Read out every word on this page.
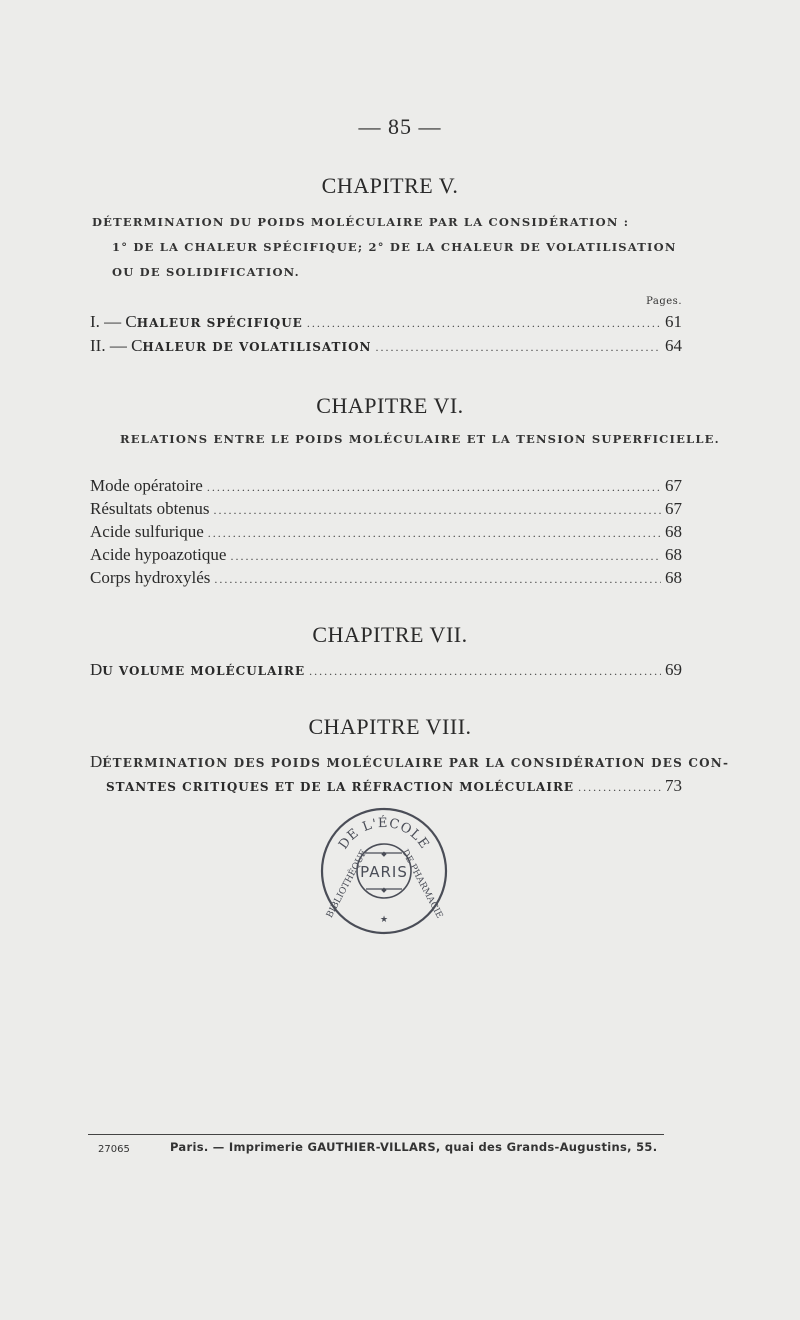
— 85 —
CHAPITRE V.
DÉTERMINATION DU POIDS MOLÉCULAIRE PAR LA CONSIDÉRATION :
1° DE LA CHALEUR SPÉCIFIQUE; 2° DE LA CHALEUR DE VOLATILISATION
OU DE SOLIDIFICATION.
Pages.
I. — CHALEUR SPÉCIFIQUE .....	61
II. — CHALEUR DE VOLATILISATION .....	64
CHAPITRE VI.
RELATIONS ENTRE LE POIDS MOLÉCULAIRE ET LA TENSION SUPERFICIELLE.
Mode opératoire .....	67
Résultats obtenus .....	67
Acide sulfurique .....	68
Acide hypoazotique .....	68
Corps hydroxylés .....	68
CHAPITRE VII.
DU VOLUME MOLÉCULAIRE .....	69
CHAPITRE VIII.
DÉTERMINATION DES POIDS MOLÉCULAIRE PAR LA CONSIDÉRATION DES CON-
STANTES CRITIQUES ET DE LA RÉFRACTION MOLÉCULAIRE .....	73
DE L'ÉCOLE
BIBLIOTHÈQUE	DE PHARMACIE
◆
PARIS
◆
★
27065	Paris. — Imprimerie GAUTHIER-VILLARS, quai des Grands-Augustins, 55.
